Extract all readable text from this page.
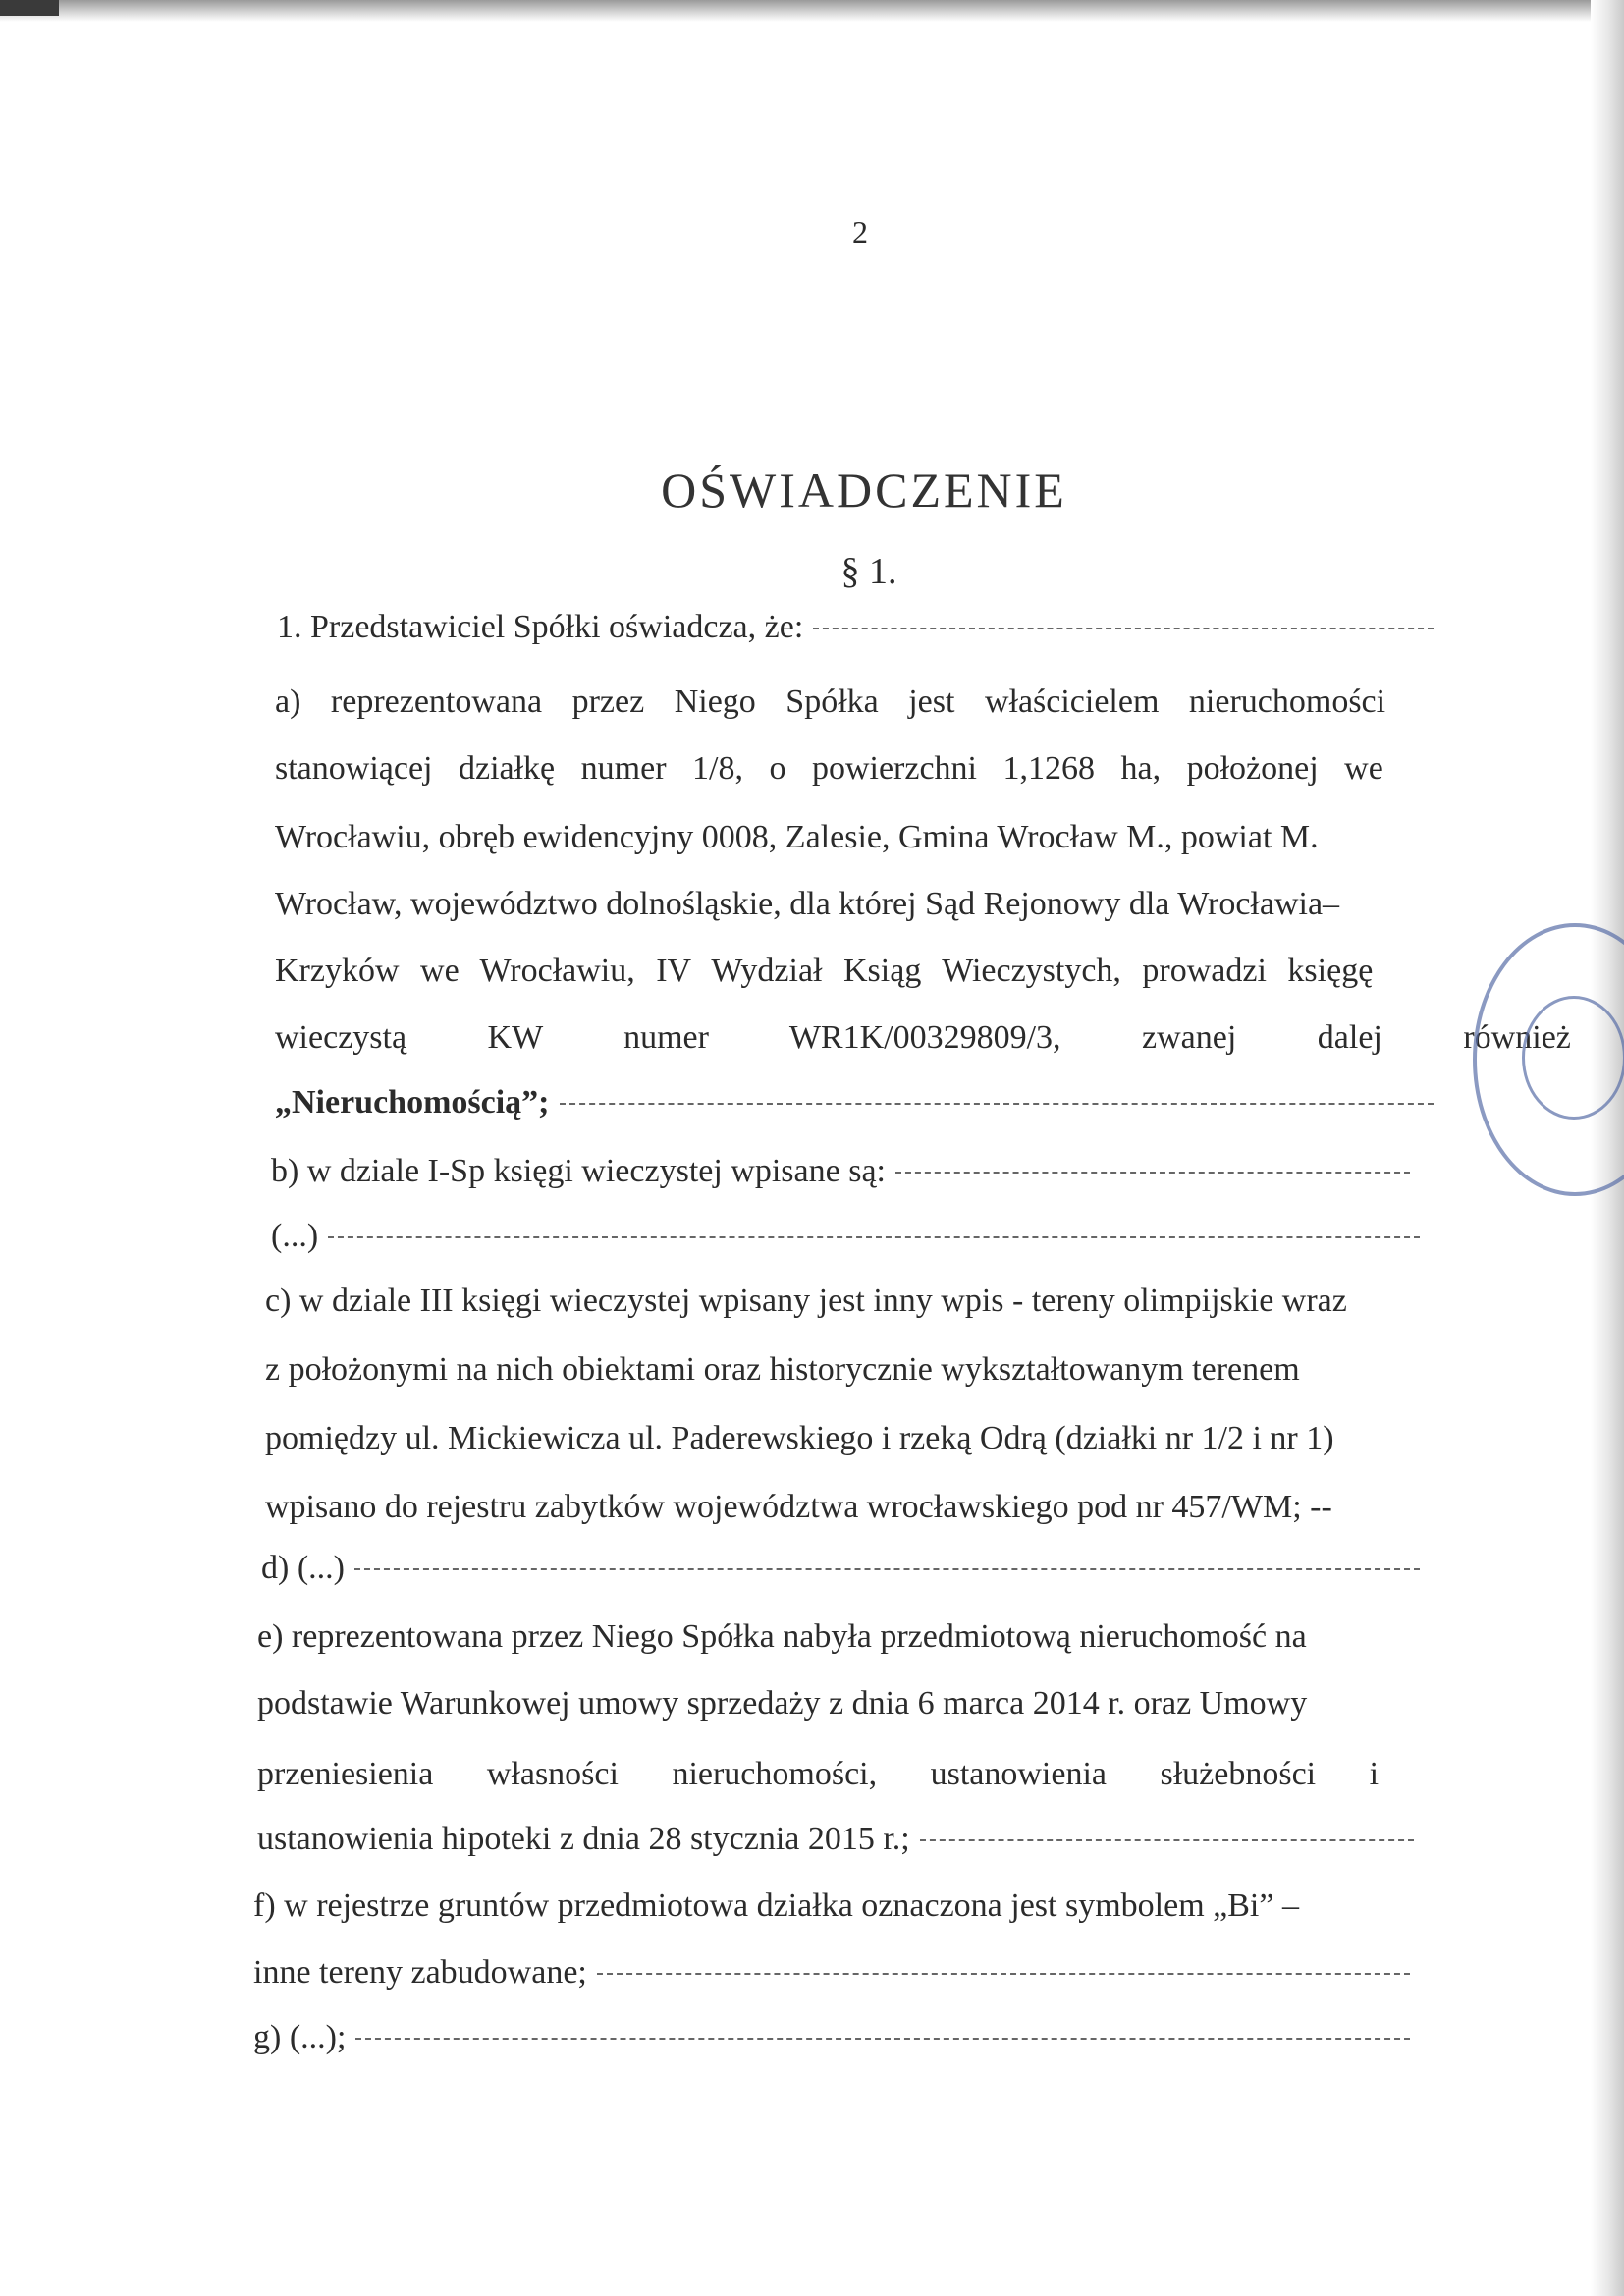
2
OŚWIADCZENIE
§ 1.
1. Przedstawiciel Spółki oświadcza, że:
a) reprezentowana przez Niego Spółka jest właścicielem nieruchomości
stanowiącej działkę numer 1/8, o powierzchni 1,1268 ha, położonej we
Wrocławiu, obręb ewidencyjny 0008, Zalesie, Gmina Wrocław M., powiat M.
Wrocław, województwo dolnośląskie, dla której Sąd Rejonowy dla Wrocławia–
Krzyków we Wrocławiu, IV Wydział Ksiąg Wieczystych, prowadzi księgę
wieczystą KW numer WR1K/00329809/3, zwanej dalej również
„Nieruchomością”;
b) w dziale I-Sp księgi wieczystej wpisane są:
(...)
c) w dziale III księgi wieczystej wpisany jest inny wpis - tereny olimpijskie wraz
z położonymi na nich obiektami oraz historycznie wykształtowanym terenem
pomiędzy ul. Mickiewicza ul. Paderewskiego i rzeką Odrą (działki nr 1/2 i nr 1)
wpisano do rejestru zabytków województwa wrocławskiego pod nr 457/WM; --
d) (...)
e) reprezentowana przez Niego Spółka nabyła przedmiotową nieruchomość na
podstawie Warunkowej umowy sprzedaży z dnia 6 marca 2014 r. oraz Umowy
przeniesienia własności nieruchomości, ustanowienia służebności i
ustanowienia hipoteki z dnia 28 stycznia 2015 r.;
f) w rejestrze gruntów przedmiotowa działka oznaczona jest symbolem „Bi” –
inne tereny zabudowane;
g) (...);
